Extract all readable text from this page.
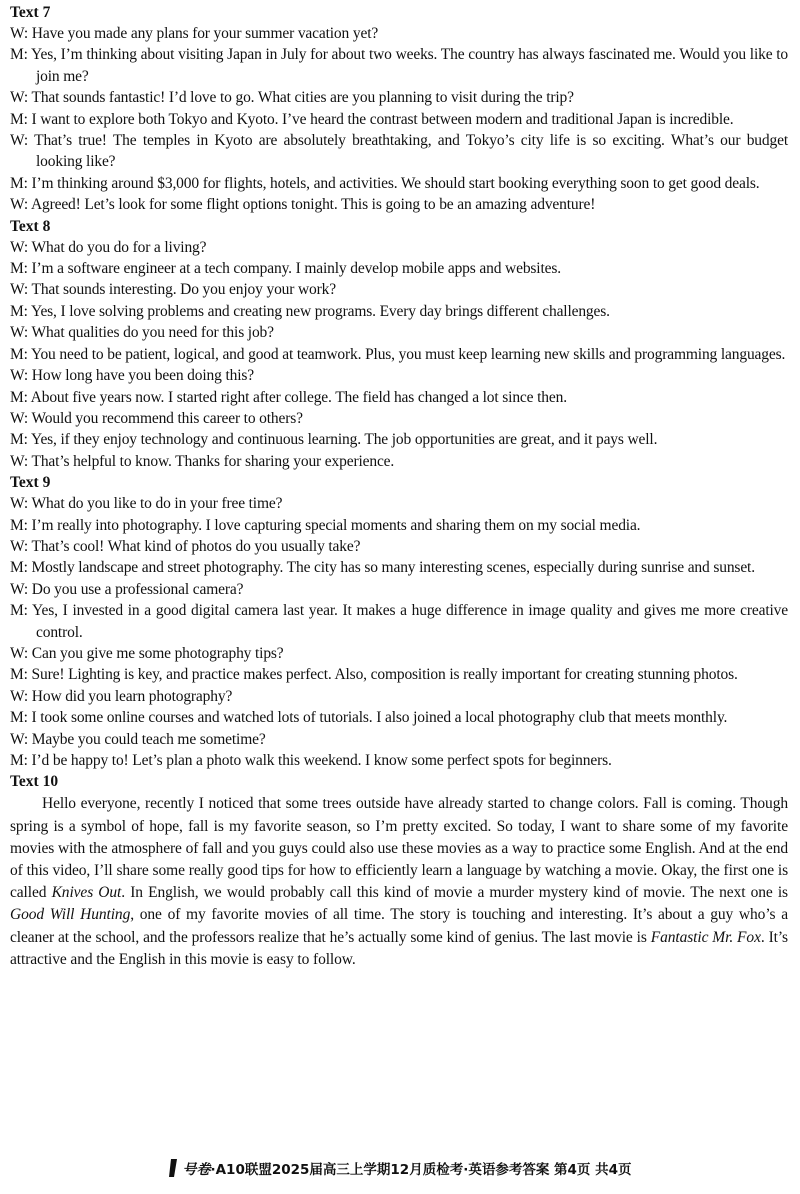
Text 7
W: Have you made any plans for your summer vacation yet?
M: Yes, I’m thinking about visiting Japan in July for about two weeks. The country has always fascinated me. Would you like to join me?
W: That sounds fantastic! I’d love to go. What cities are you planning to visit during the trip?
M: I want to explore both Tokyo and Kyoto. I’ve heard the contrast between modern and traditional Japan is incredible.
W: That’s true! The temples in Kyoto are absolutely breathtaking, and Tokyo’s city life is so exciting. What’s our budget looking like?
M: I’m thinking around $3,000 for flights, hotels, and activities. We should start booking everything soon to get good deals.
W: Agreed! Let’s look for some flight options tonight. This is going to be an amazing adventure!
Text 8
W: What do you do for a living?
M: I’m a software engineer at a tech company. I mainly develop mobile apps and websites.
W: That sounds interesting. Do you enjoy your work?
M: Yes, I love solving problems and creating new programs. Every day brings different challenges.
W: What qualities do you need for this job?
M: You need to be patient, logical, and good at teamwork. Plus, you must keep learning new skills and programming languages.
W: How long have you been doing this?
M: About five years now. I started right after college. The field has changed a lot since then.
W: Would you recommend this career to others?
M: Yes, if they enjoy technology and continuous learning. The job opportunities are great, and it pays well.
W: That’s helpful to know. Thanks for sharing your experience.
Text 9
W: What do you like to do in your free time?
M: I’m really into photography. I love capturing special moments and sharing them on my social media.
W: That’s cool! What kind of photos do you usually take?
M: Mostly landscape and street photography. The city has so many interesting scenes, especially during sunrise and sunset.
W: Do you use a professional camera?
M: Yes, I invested in a good digital camera last year. It makes a huge difference in image quality and gives me more creative control.
W: Can you give me some photography tips?
M: Sure! Lighting is key, and practice makes perfect. Also, composition is really important for creating stunning photos.
W: How did you learn photography?
M: I took some online courses and watched lots of tutorials. I also joined a local photography club that meets monthly.
W: Maybe you could teach me sometime?
M: I’d be happy to! Let’s plan a photo walk this weekend. I know some perfect spots for beginners.
Text 10
Hello everyone, recently I noticed that some trees outside have already started to change colors. Fall is coming. Though spring is a symbol of hope, fall is my favorite season, so I’m pretty excited. So today, I want to share some of my favorite movies with the atmosphere of fall and you guys could also use these movies as a way to practice some English. And at the end of this video, I’ll share some really good tips for how to efficiently learn a language by watching a movie. Okay, the first one is called Knives Out. In English, we would probably call this kind of movie a murder mystery kind of movie. The next one is Good Will Hunting, one of my favorite movies of all time. The story is touching and interesting. It’s about a guy who’s a cleaner at the school, and the professors realize that he’s actually some kind of genius. The last movie is Fantastic Mr. Fox. It’s attractive and the English in this movie is easy to follow.
号卷·A10联盟2025届高三上学期12月质检考·英语参考答案 第4页 共4页
